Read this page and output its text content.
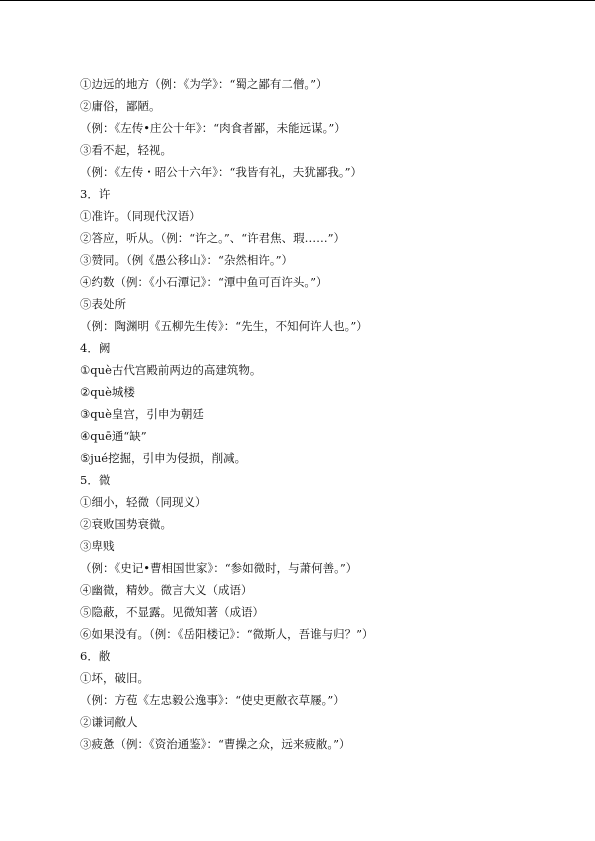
①边远的地方（例：《为学》：“蜀之鄙有二僧。”）
②庸俗，鄙陋。
（例：《左传•庄公十年》：“肉食者鄙，未能远谋。”）
③看不起，轻视。
（例：《左传・昭公十六年》：“我皆有礼，夫犹鄙我。”）
3．许
①准许。（同现代汉语）
②答应，听从。（例：“许之。”、“许君焦、瑕……”）
③赞同。（例《愚公移山》：“杂然相许。”）
④约数（例：《小石潭记》：“潭中鱼可百许头。”）
⑤表处所
（例：陶渊明《五柳先生传》：“先生，不知何许人也。”）
4．阙
①què古代宫殿前两边的高建筑物。
②què城楼
③què皇宫，引申为朝廷
④quē通“缺”
⑤jué挖掘，引申为侵损，削减。
5．微
①细小，轻微（同现义）
②衰败国势衰微。
③卑贱
（例：《史记•曹相国世家》：“参如微时，与萧何善。”）
④幽微，精妙。微言大义（成语）
⑤隐蔽，不显露。见微知著（成语）
⑥如果没有。（例：《岳阳楼记》：“微斯人，吾谁与归？”）
6．敝
①坏，破旧。
（例：方苞《左忠毅公逸事》：“使史更敝衣草屦。”）
②谦词敝人
③疲惫（例：《资治通鉴》：“曹操之众，远来疲敝。”）
